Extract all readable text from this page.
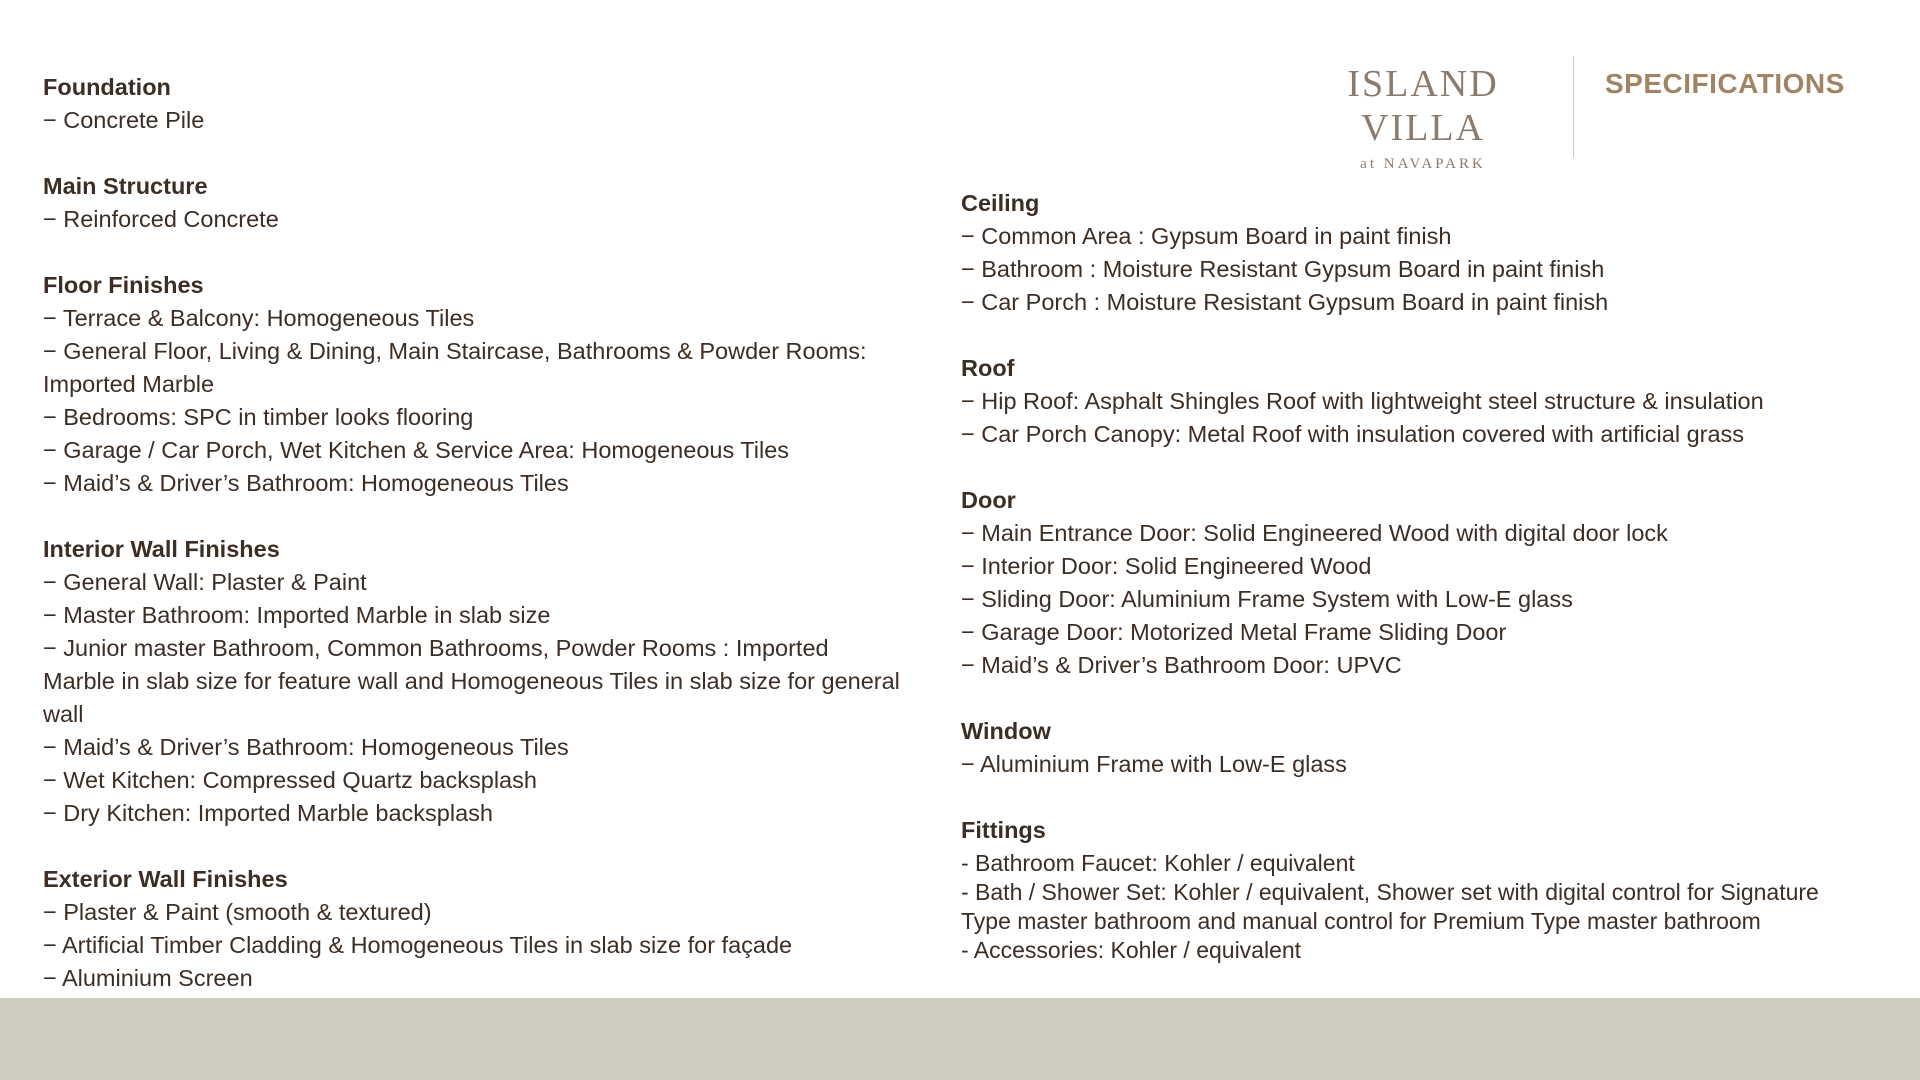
ISLAND VILLA
at NAVAPARK
SPECIFICATIONS
Foundation

− Concrete Pile

Main Structure

− Reinforced Concrete

Floor Finishes

− Terrace & Balcony: Homogeneous Tiles

− General Floor, Living & Dining, Main Staircase, Bathrooms & Powder Rooms: Imported Marble

− Bedrooms: SPC in timber looks flooring

− Garage / Car Porch, Wet Kitchen & Service Area: Homogeneous Tiles

− Maid’s & Driver’s Bathroom: Homogeneous Tiles

Interior Wall Finishes

− General Wall: Plaster & Paint

− Master Bathroom: Imported Marble in slab size

− Junior master Bathroom, Common Bathrooms, Powder Rooms : Imported Marble in slab size for feature wall and Homogeneous Tiles in slab size for general wall

− Maid’s & Driver’s Bathroom: Homogeneous Tiles

− Wet Kitchen: Compressed Quartz backsplash

− Dry Kitchen: Imported Marble backsplash

Exterior Wall Finishes

− Plaster & Paint (smooth & textured)

− Artificial Timber Cladding & Homogeneous Tiles in slab size for façade

− Aluminium Screen

Ceiling

− Common Area : Gypsum Board in paint finish

− Bathroom : Moisture Resistant Gypsum Board in paint finish

− Car Porch : Moisture Resistant Gypsum Board in paint finish

Roof

− Hip Roof: Asphalt Shingles Roof with lightweight steel structure & insulation

− Car Porch Canopy: Metal Roof with insulation covered with artificial grass

Door

− Main Entrance Door: Solid Engineered Wood with digital door lock

− Interior Door: Solid Engineered Wood

− Sliding Door: Aluminium Frame System with Low-E glass

− Garage Door: Motorized Metal Frame Sliding Door

− Maid’s & Driver’s Bathroom Door: UPVC

Window

− Aluminium Frame with Low-E glass

Fittings

- Bathroom Faucet: Kohler / equivalent

- Bath / Shower Set: Kohler / equivalent, Shower set with digital control for Signature Type master bathroom and manual control for Premium Type master bathroom

- Accessories: Kohler / equivalent
